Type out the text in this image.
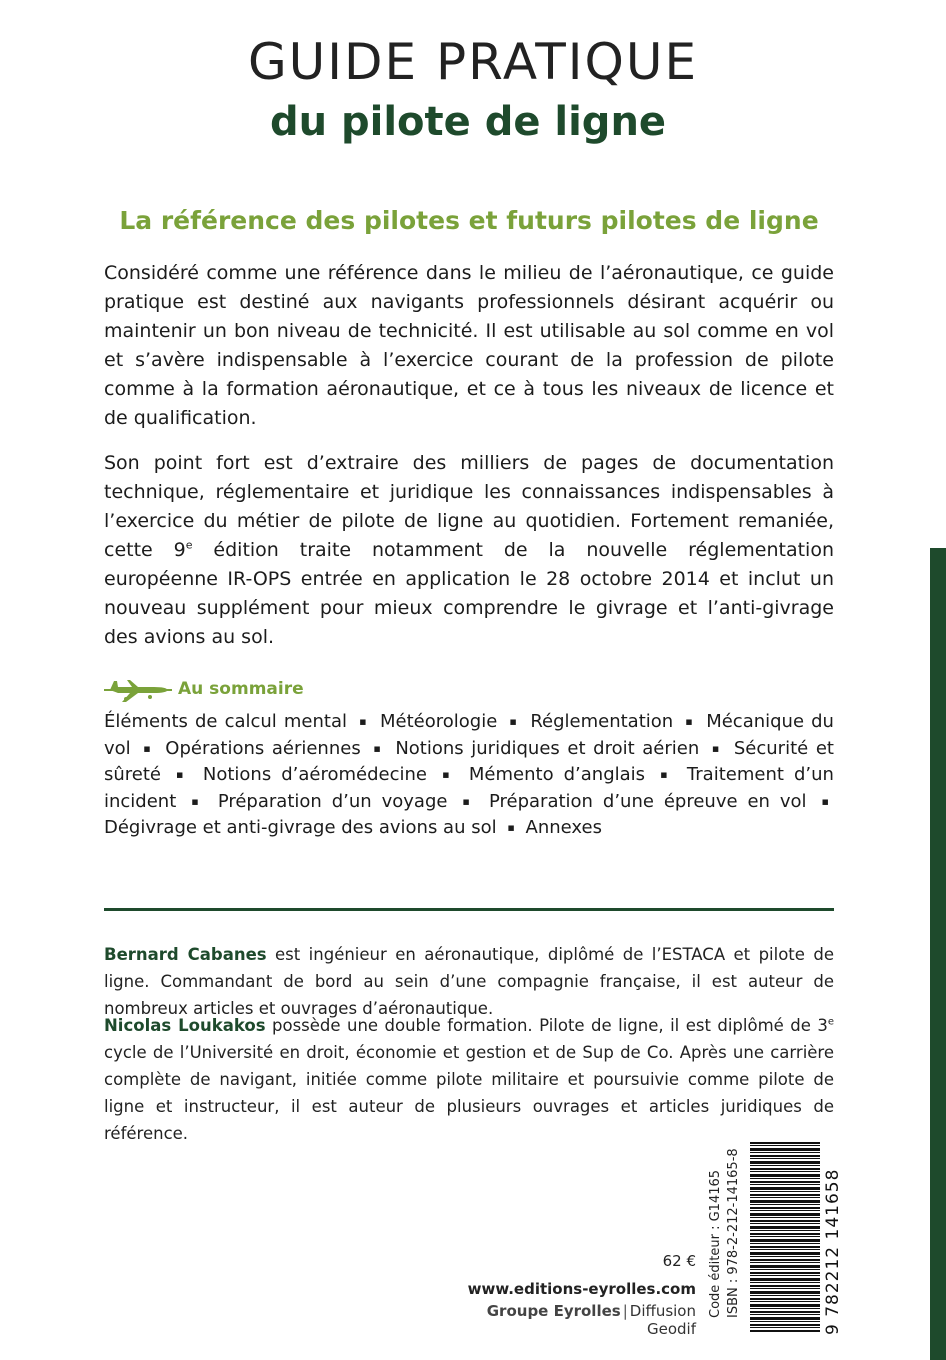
GUIDE PRATIQUE
du pilote de ligne
La référence des pilotes et futurs pilotes de ligne

Considéré comme une référence dans le milieu de l’aéronautique, ce guide pratique est destiné aux navigants professionnels désirant acquérir ou maintenir un bon niveau de technicité. Il est utilisable au sol comme en vol et s’avère indispensable à l’exercice courant de la profession de pilote comme à la formation aéronautique, et ce à tous les niveaux de licence et de qualification.

Son point fort est d’extraire des milliers de pages de documentation technique, réglementaire et juridique les connaissances indispensables à l’exercice du métier de pilote de ligne au quotidien. Fortement remaniée, cette 9e édition traite notamment de la nouvelle réglementation européenne IR-OPS entrée en application le 28 octobre 2014 et inclut un nouveau supplément pour mieux comprendre le givrage et l’anti-givrage des avions au sol.

Au sommaire

Éléments de calcul mental ▪ Météorologie ▪ Réglementation ▪ Mécanique du vol ▪ Opérations aériennes ▪ Notions juridiques et droit aérien ▪ Sécurité et sûreté ▪ Notions d’aéromédecine ▪ Mémento d’anglais ▪ Traitement d’un incident ▪ Préparation d’un voyage ▪ Préparation d’une épreuve en vol ▪ Dégivrage et anti-givrage des avions au sol ▪ Annexes

Bernard Cabanes est ingénieur en aéronautique, diplômé de l’ESTACA et pilote de ligne. Commandant de bord au sein d’une compagnie française, il est auteur de nombreux articles et ouvrages d’aéronautique.

Nicolas Loukakos possède une double formation. Pilote de ligne, il est diplômé de 3e cycle de l’Université en droit, économie et gestion et de Sup de Co. Après une carrière complète de navigant, initiée comme pilote militaire et poursuivie comme pilote de ligne et instructeur, il est auteur de plusieurs ouvrages et articles juridiques de référence.

62 €
www.editions-eyrolles.com
Groupe Eyrolles | Diffusion Geodif
Code éditeur : G14165 ISBN : 978-2-212-14165-8	9 782212 141658
